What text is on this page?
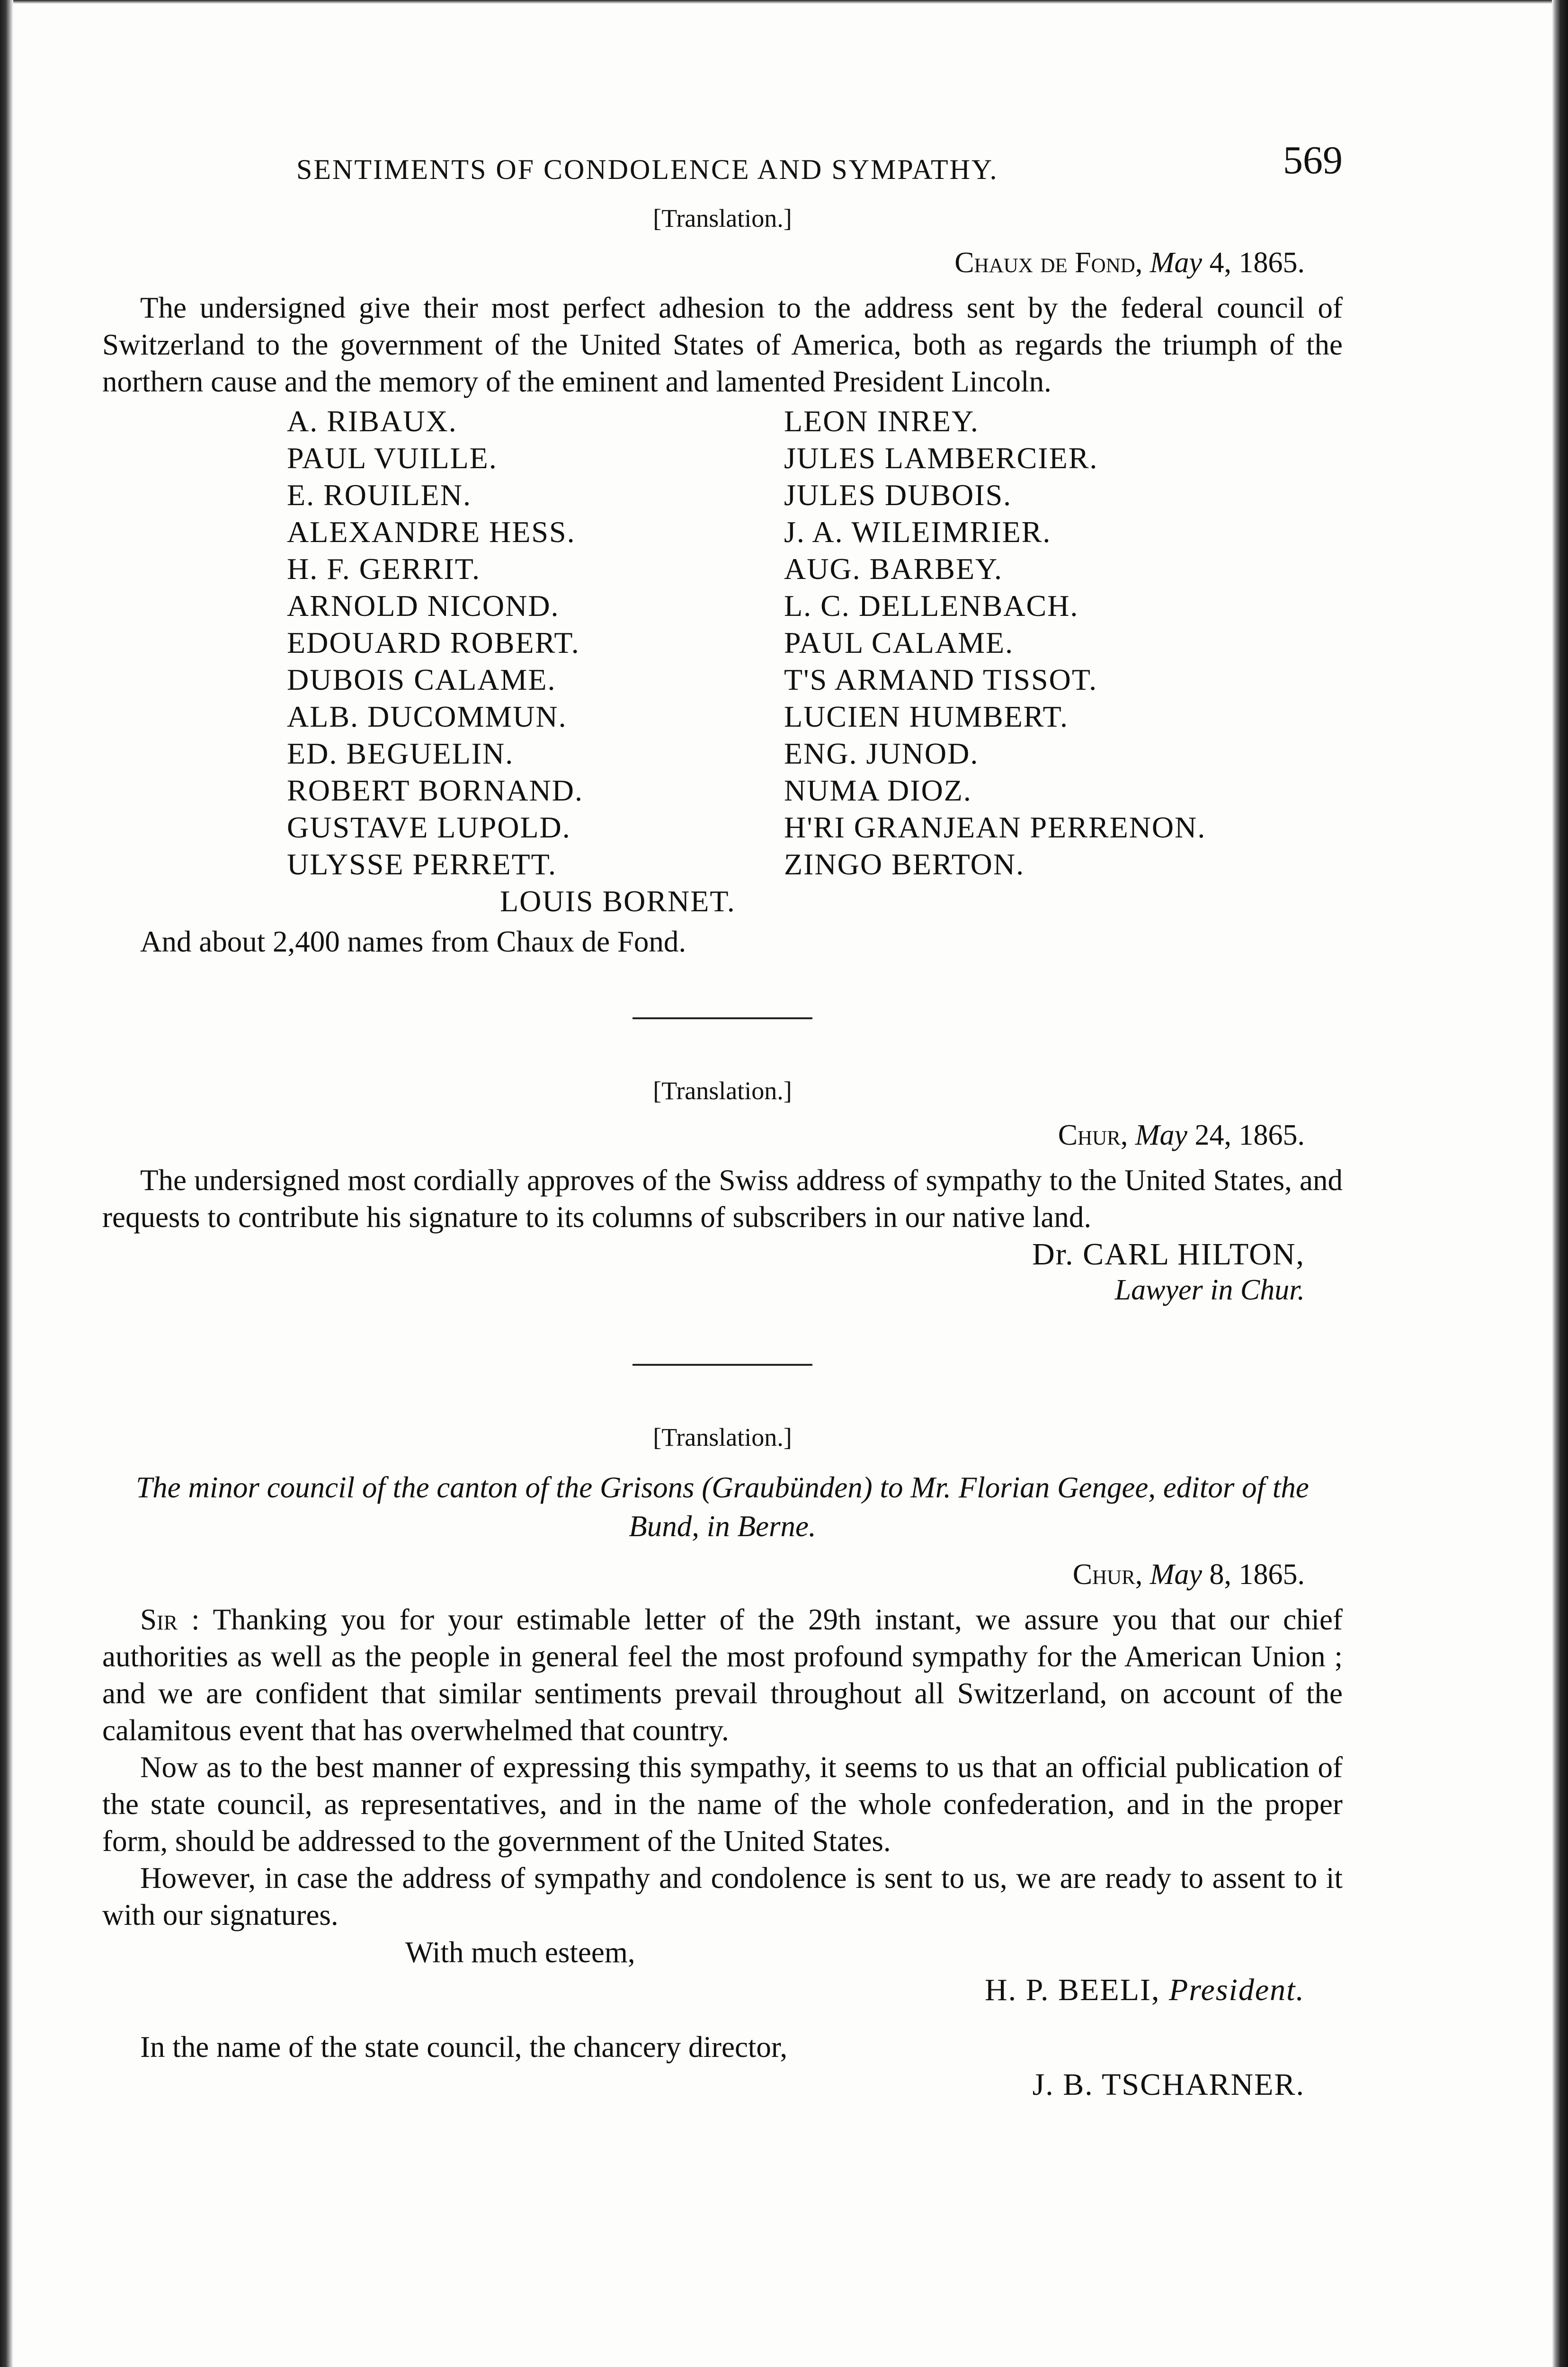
SENTIMENTS OF CONDOLENCE AND SYMPATHY.	569
[Translation.]
Chaux de Fond, May 4, 1865.

The undersigned give their most perfect adhesion to the address sent by the federal council of Switzerland to the government of the United States of America, both as regards the triumph of the northern cause and the memory of the eminent and lamented President Lincoln.

A. RIBAUX.
PAUL VUILLE.
E. ROUILEN.
ALEXANDRE HESS.
H. F. GERRIT.
ARNOLD NICOND.
EDOUARD ROBERT.
DUBOIS CALAME.
ALB. DUCOMMUN.
ED. BEGUELIN.
ROBERT BORNAND.
GUSTAVE LUPOLD.
ULYSSE PERRETT.
LEON INREY.
JULES LAMBERCIER.
JULES DUBOIS.
J. A. WILEIMRIER.
AUG. BARBEY.
L. C. DELLENBACH.
PAUL CALAME.
T'S ARMAND TISSOT.
LUCIEN HUMBERT.
ENG. JUNOD.
NUMA DIOZ.
H'RI GRANJEAN PERRENON.
ZINGO BERTON.
LOUIS BORNET.
And about 2,400 names from Chaux de Fond.
[Translation.]
Chur, May 24, 1865.

The undersigned most cordially approves of the Swiss address of sympathy to the United States, and requests to contribute his signature to its columns of subscribers in our native land.

Dr. CARL HILTON,
Lawyer in Chur.
[Translation.]
The minor council of the canton of the Grisons (Graubünden) to Mr. Florian Gengee, editor of the Bund, in Berne.
Chur, May 8, 1865.

Sir : Thanking you for your estimable letter of the 29th instant, we assure you that our chief authorities as well as the people in general feel the most profound sympathy for the American Union ; and we are confident that similar sentiments prevail throughout all Switzerland, on account of the calamitous event that has overwhelmed that country.

Now as to the best manner of expressing this sympathy, it seems to us that an official publication of the state council, as representatives, and in the name of the whole confederation, and in the proper form, should be addressed to the government of the United States.

However, in case the address of sympathy and condolence is sent to us, we are ready to assent to it with our signatures.

With much esteem,
H. P. BEELI, President.
In the name of the state council, the chancery director,
J. B. TSCHARNER.
